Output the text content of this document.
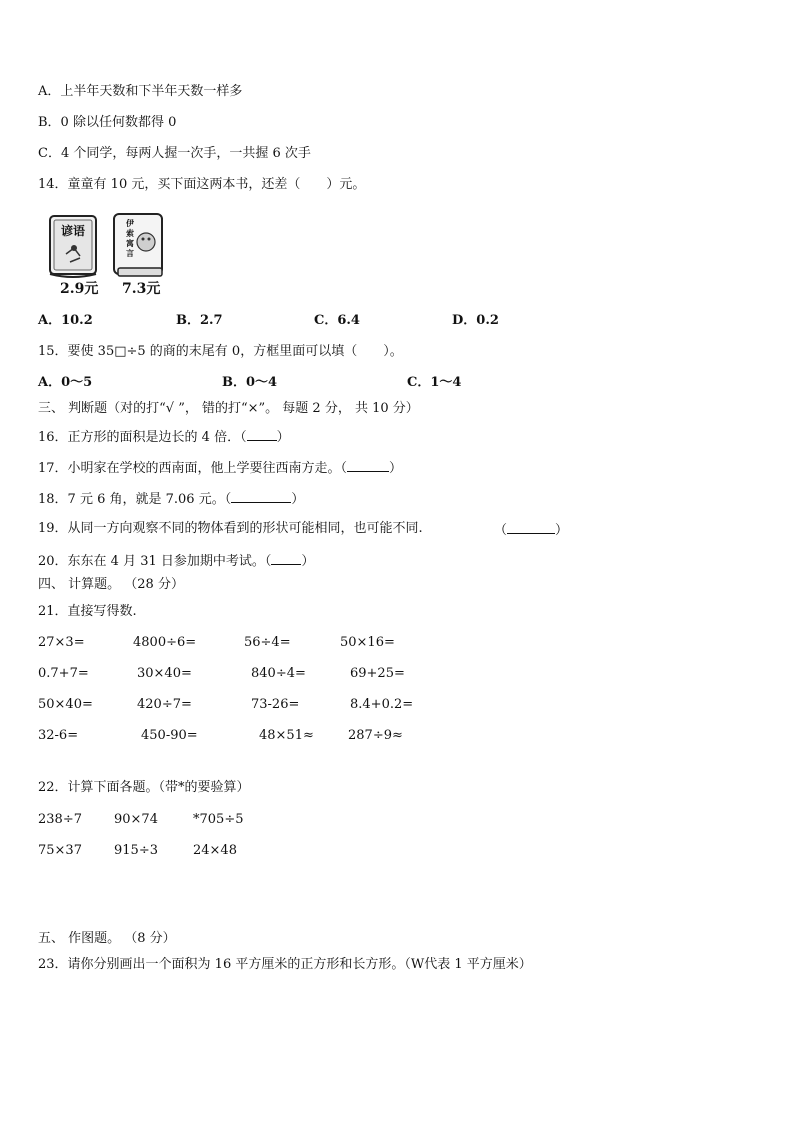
A．上半年天数和下半年天数一样多
B．0 除以任何数都得 0
C．4 个同学，每两人握一次手，一共握 6 次手
14．童童有 10 元，买下面这两本书，还差（　　）元。
谚语
伊
索
寓
言
2.9元 7.3元
A．10.2	B．2.7	C．6.4	D．0.2
15．要使 35□÷5 的商的末尾有 0，方框里面可以填（　　）。
A．0～5	B．0～4	C．1～4
三、 判断题（对的打“√ ”， 错的打“×”。 每题 2 分， 共 10 分）
16．正方形的面积是边长的 4 倍．（ ）
17．小明家在学校的西南面，他上学要往西南方走。（	）
18．7 元 6 角，就是 7.06 元。（	）
19．从同一方向观察不同的物体看到的形状可能相同，也可能不同.	（	）
20．东东在 4 月 31 日参加期中考试。（ ）
四、 计算题。 （28 分）
21．直接写得数.
27×3=	4800÷6=	56÷4=	50×16=
0.7+7=	30×40=	840÷4=	69+25=
50×40=	420÷7=	73-26=	8.4+0.2=
32-6=	450-90=	48×51≈	287÷9≈
22．计算下面各题。（带*的要验算）
238÷7 90×74	*705÷5
75×37 915÷3	24×48
五、 作图题。 （8 分）
23．请你分别画出一个面积为 16 平方厘米的正方形和长方形。（W代表 1 平方厘米）
